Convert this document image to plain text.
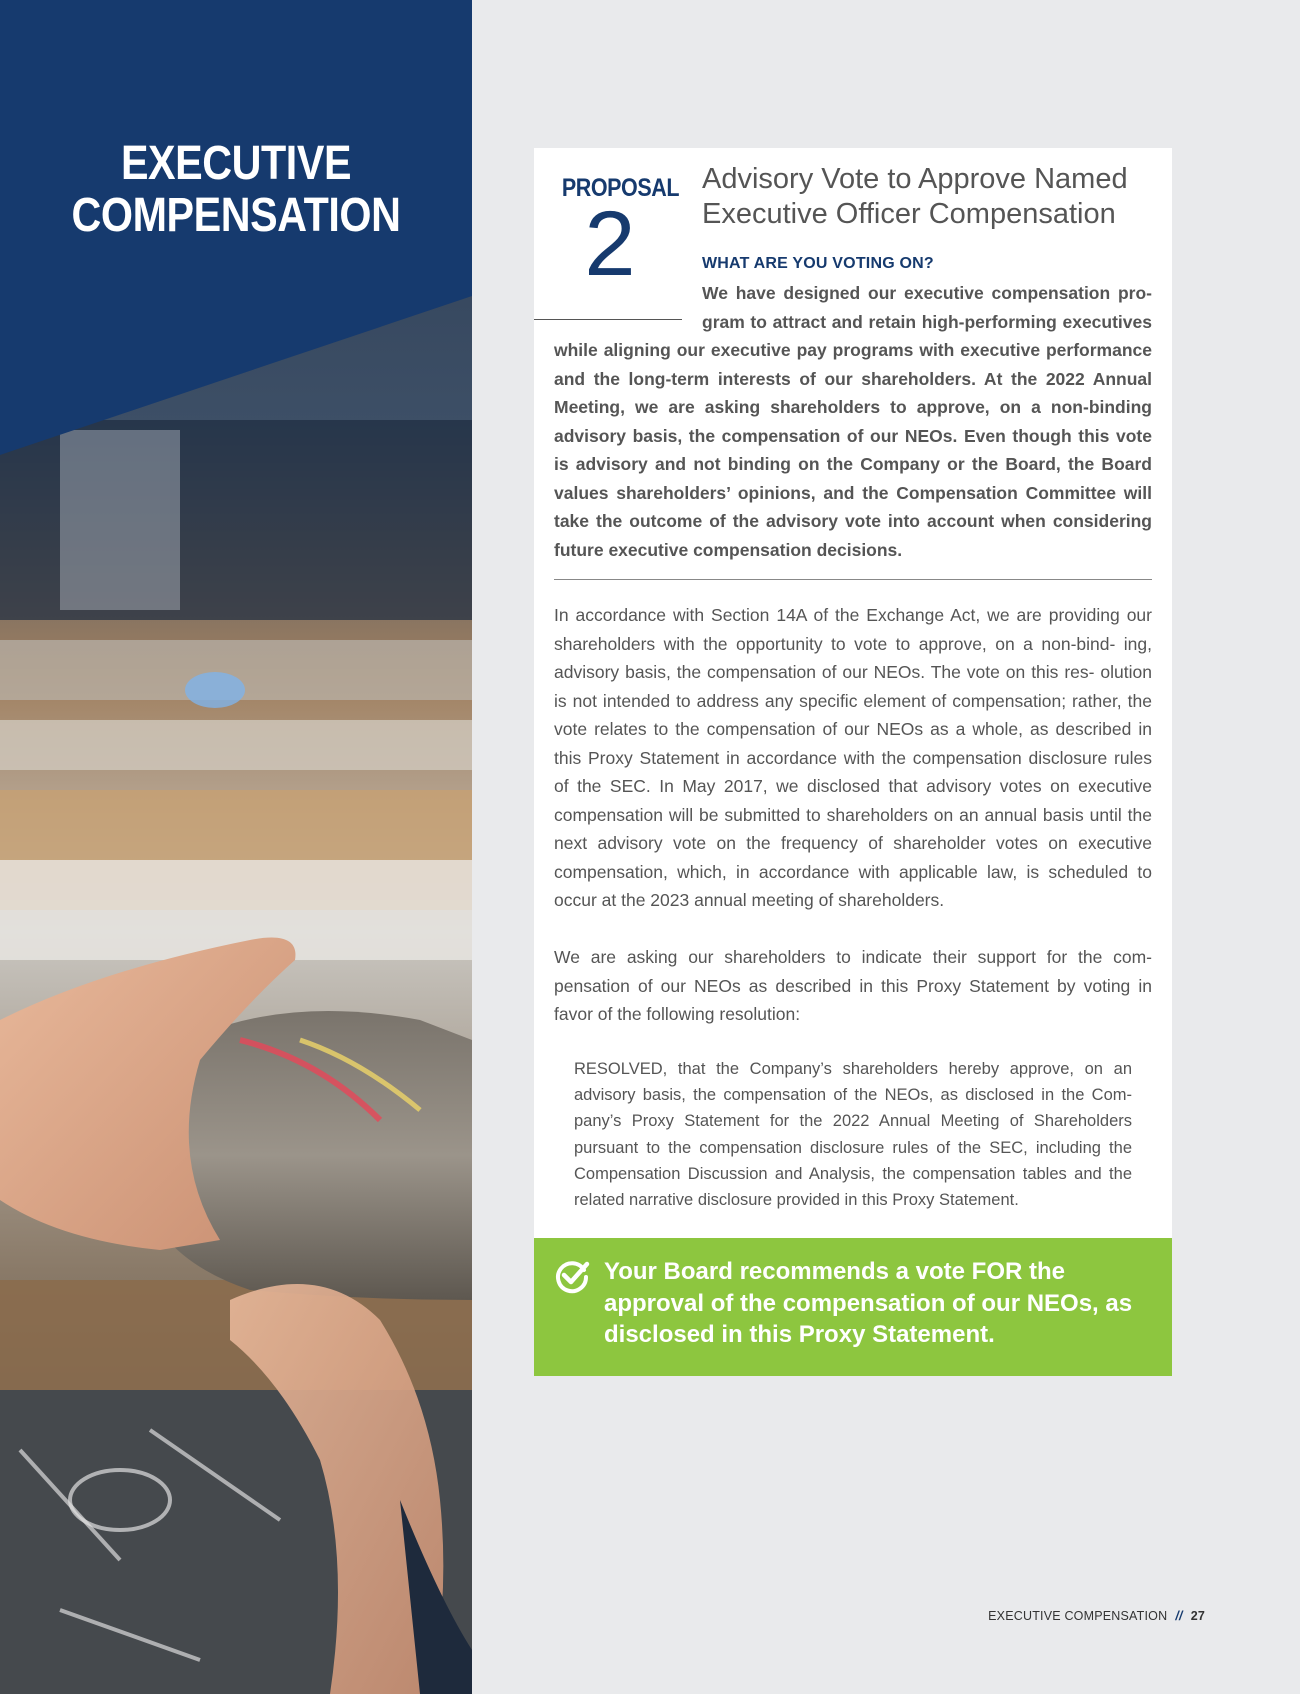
EXECUTIVE
COMPENSATION
PROPOSAL
2
Advisory Vote to Approve Named Executive Officer Compensation
WHAT ARE YOU VOTING ON?

We have designed our executive compensation pro- gram to attract and retain high-performing executives

while aligning our executive pay programs with executive performance and the long-term interests of our shareholders. At the 2022 Annual Meeting, we are asking shareholders to approve, on a non-binding advisory basis, the compensation of our NEOs. Even though this vote is advisory and not binding on the Company or the Board, the Board values shareholders’ opinions, and the Compensation Committee will take the outcome of the advisory vote into account when considering future executive compensation decisions.

In accordance with Section 14A of the Exchange Act, we are providing our shareholders with the opportunity to vote to approve, on a non-bind- ing, advisory basis, the compensation of our NEOs. The vote on this res- olution is not intended to address any specific element of compensation; rather, the vote relates to the compensation of our NEOs as a whole, as described in this Proxy Statement in accordance with the compensation disclosure rules of the SEC. In May 2017, we disclosed that advisory votes on executive compensation will be submitted to shareholders on an annual basis until the next advisory vote on the frequency of shareholder votes on executive compensation, which, in accordance with applicable law, is scheduled to occur at the 2023 annual meeting of shareholders.

We are asking our shareholders to indicate their support for the com- pensation of our NEOs as described in this Proxy Statement by voting in favor of the following resolution:

RESOLVED, that the Company’s shareholders hereby approve, on an advisory basis, the compensation of the NEOs, as disclosed in the Com- pany’s Proxy Statement for the 2022 Annual Meeting of Shareholders pursuant to the compensation disclosure rules of the SEC, including the Compensation Discussion and Analysis, the compensation tables and the related narrative disclosure provided in this Proxy Statement.

Your Board recommends a vote FOR the approval of the compensation of our NEOs, as disclosed in this Proxy Statement.
EXECUTIVE COMPENSATION // 27
